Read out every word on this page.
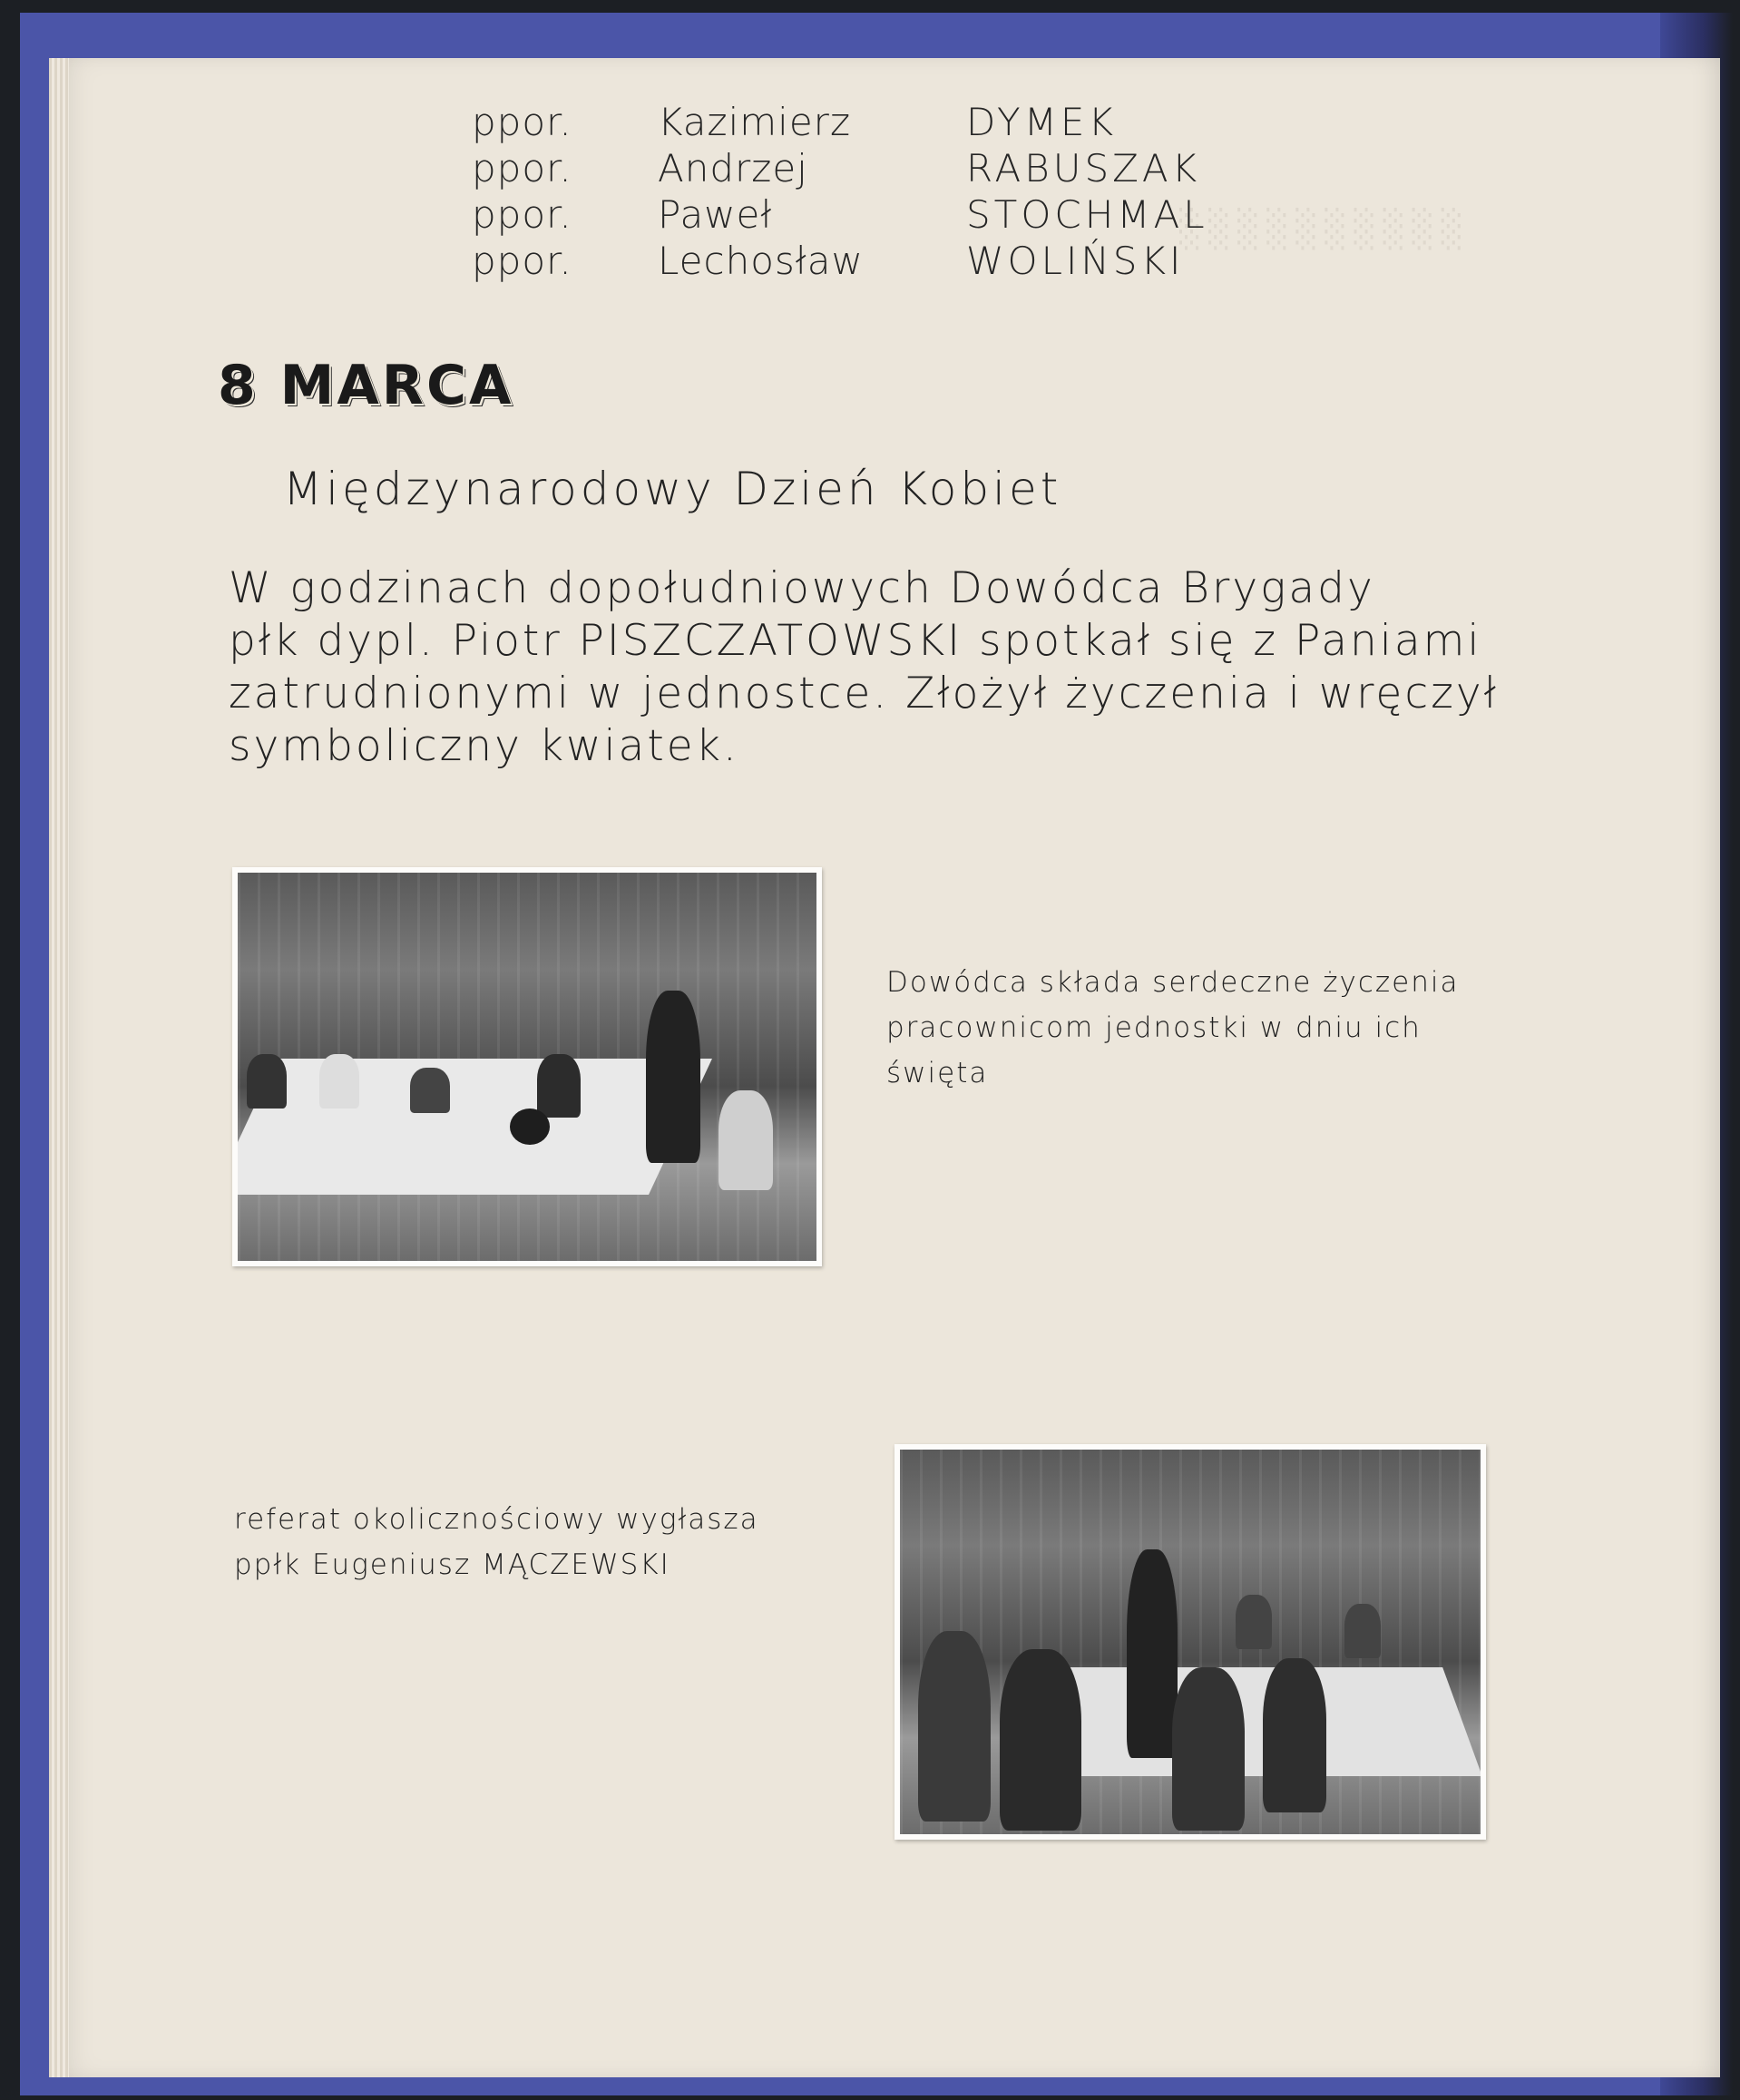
░░░░░░░░░░
ppor. Kazimierz	DYMEK
ppor. Andrzej	RABUSZAK
ppor. Paweł	STOCHMAL
ppor. Lechosław	WOLIŃSKI
8 MARCA
Międzynarodowy Dzień Kobiet
W godzinach dopołudniowych Dowódca Brygady
płk dypl. Piotr PISZCZATOWSKI spotkał się z Paniami
zatrudnionymi w jednostce. Złożył życzenia i wręczył
symboliczny kwiatek.
Dowódca składa serdeczne życzenia
pracownicom jednostki w dniu ich
święta
referat okolicznościowy wygłasza
ppłk Eugeniusz MĄCZEWSKI
